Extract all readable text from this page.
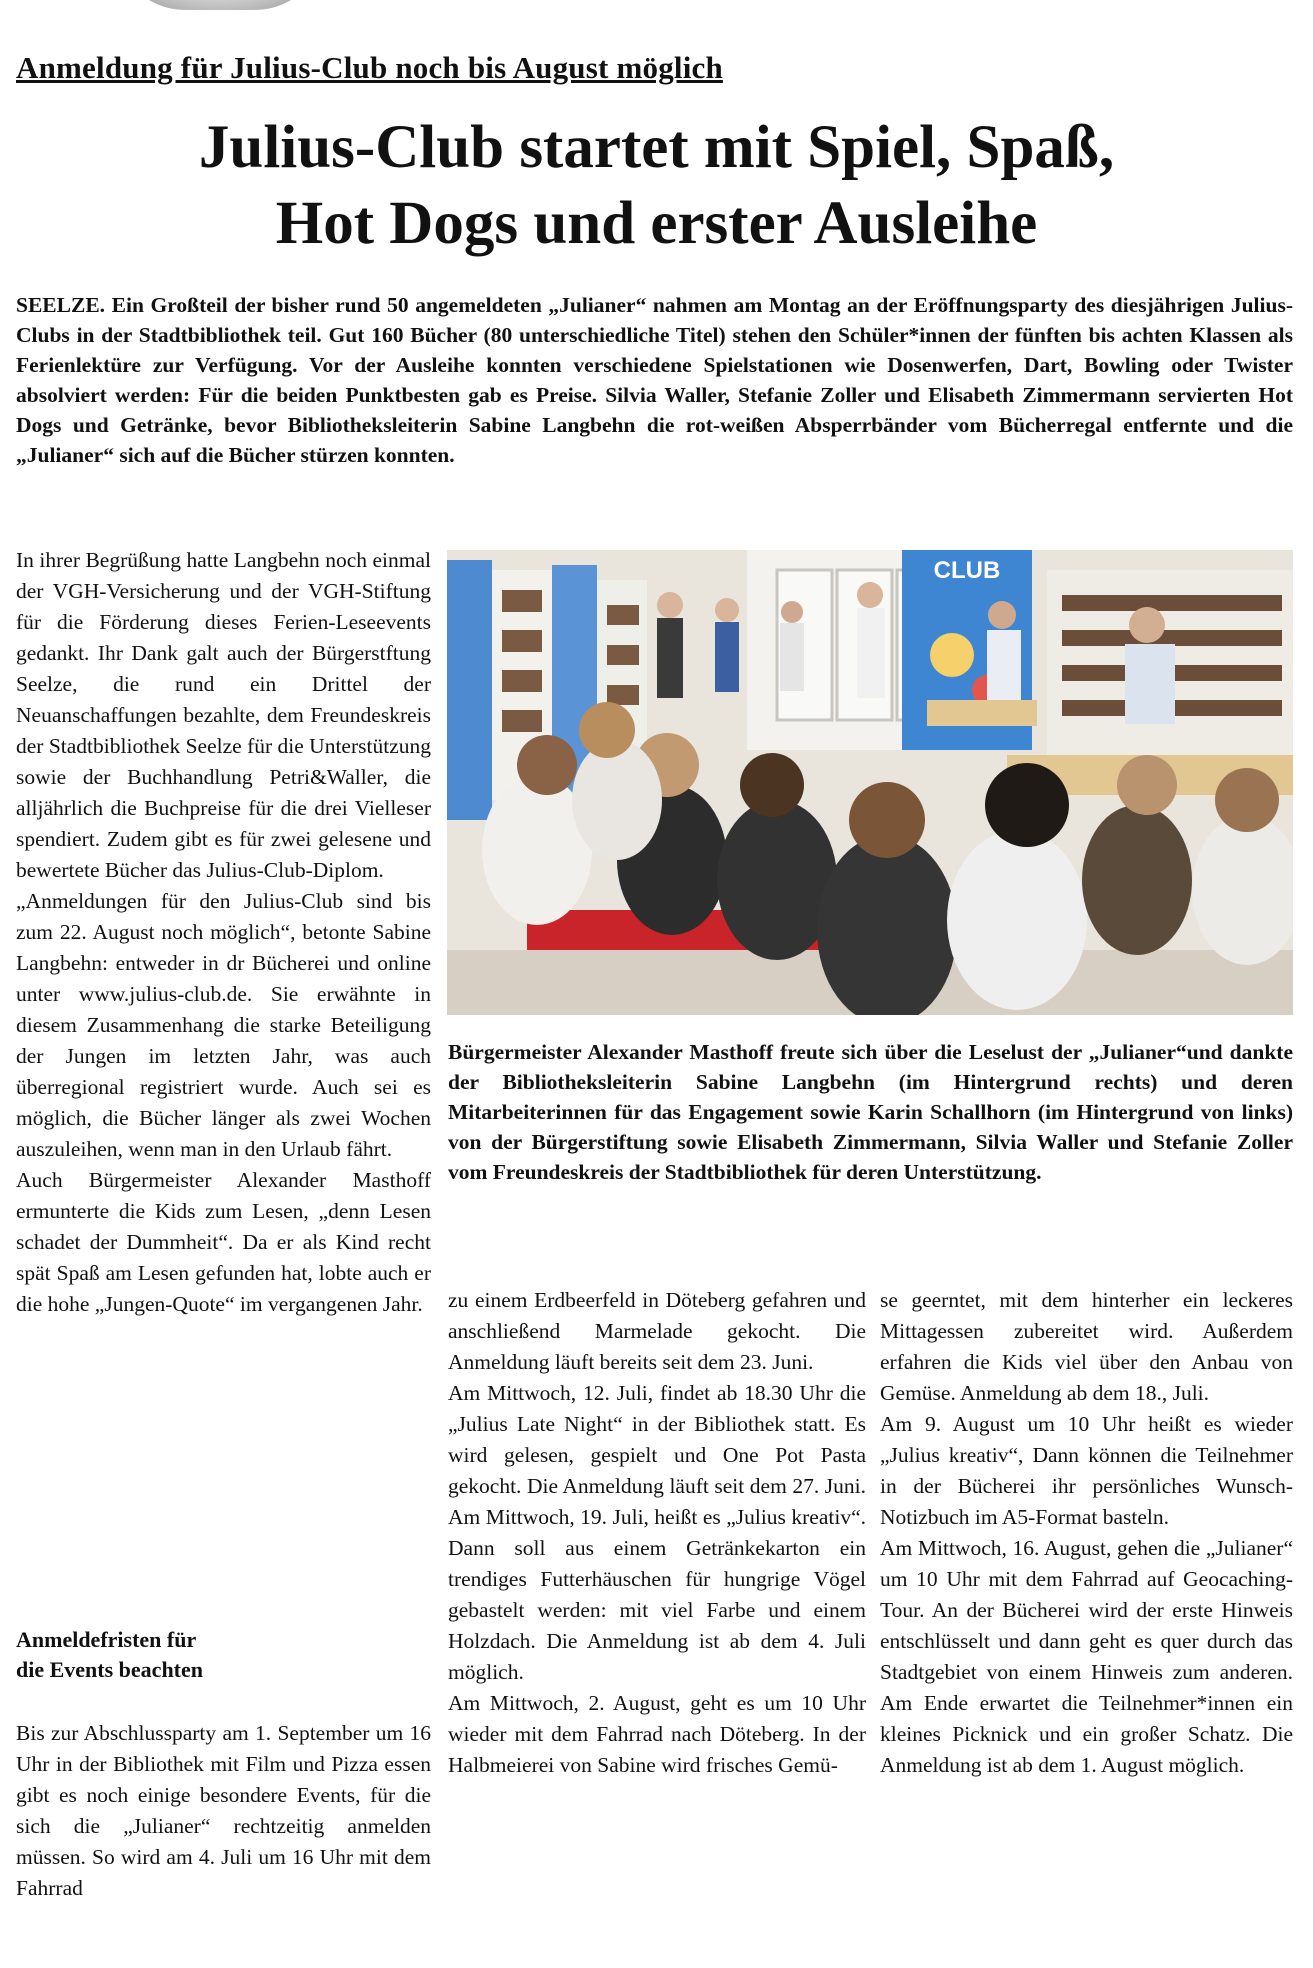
Anmeldung für Julius-Club noch bis August möglich
Julius-Club startet mit Spiel, Spaß,
Hot Dogs und erster Ausleihe

SEELZE. Ein Großteil der bisher rund 50 angemeldeten „Julianer“ nahmen am Montag an der Eröffnungsparty des diesjährigen Julius-Clubs in der Stadtbibliothek teil. Gut 160 Bücher (80 unterschiedliche Titel) stehen den Schüler*innen der fünften bis achten Klassen als Ferienlektüre zur Verfügung. Vor der Ausleihe konnten verschiedene Spielstationen wie Dosenwerfen, Dart, Bowling oder Twister absolviert werden: Für die beiden Punktbesten gab es Preise. Silvia Waller, Stefanie Zoller und Elisabeth Zimmermann servierten Hot Dogs und Getränke, bevor Bibliotheksleiterin Sabine Langbehn die rot-weißen Absperrbänder vom Bücherregal entfernte und die „Julianer“ sich auf die Bücher stürzen konnten.

In ihrer Begrüßung hatte Langbehn noch einmal der VGH-Versicherung und der VGH-Stiftung für die Förderung dieses Ferien-Leseevents gedankt. Ihr Dank galt auch der Bürgerstftung Seelze, die rund ein Drittel der Neuanschaffungen bezahlte, dem Freundeskreis der Stadtbibliothek Seelze für die Unterstützung sowie der Buchhandlung Petri&Waller, die alljährlich die Buchpreise für die drei Vielleser spendiert. Zudem gibt es für zwei gelesene und bewertete Bücher das Julius-Club-Diplom.

„Anmeldungen für den Julius-Club sind bis zum 22. August noch möglich“, betonte Sabine Langbehn: entweder in dr Bücherei und online unter www.julius-club.de. Sie erwähnte in diesem Zusammenhang die starke Beteiligung der Jungen im letzten Jahr, was auch überregional registriert wurde. Auch sei es möglich, die Bücher länger als zwei Wochen auszuleihen, wenn man in den Urlaub fährt.

Auch Bürgermeister Alexander Masthoff ermunterte die Kids zum Lesen, „denn Lesen schadet der Dummheit“. Da er als Kind recht spät Spaß am Lesen gefunden hat, lobte auch er die hohe „Jungen-Quote“ im vergangenen Jahr.

Anmeldefristen für
die Events beachten

Bis zur Abschlussparty am 1. September um 16 Uhr in der Bibliothek mit Film und Pizza essen gibt es noch einige besondere Events, für die sich die „Julianer“ rechtzeitig anmelden müssen. So wird am 4. Juli um 16 Uhr mit dem Fahrrad

CLUB

Bürgermeister Alexander Masthoff freute sich über die Leselust der „Julianer“und dankte der Bibliotheksleiterin Sabine Langbehn (im Hintergrund rechts) und deren Mitarbeiterinnen für das Engagement sowie Karin Schallhorn (im Hintergrund von links) von der Bürgerstiftung sowie Elisabeth Zimmermann, Silvia Waller und Stefanie Zoller vom Freundeskreis der Stadtbibliothek für deren Unterstützung.

zu einem Erdbeerfeld in Döteberg gefahren und anschließend Marmelade gekocht. Die Anmeldung läuft bereits seit dem 23. Juni.

Am Mittwoch, 12. Juli, findet ab 18.30 Uhr die „Julius Late Night“ in der Bibliothek statt. Es wird gelesen, gespielt und One Pot Pasta gekocht. Die Anmeldung läuft seit dem 27. Juni. Am Mittwoch, 19. Juli, heißt es „Julius kreativ“. Dann soll aus einem Getränkekarton ein trendiges Futterhäuschen für hungrige Vögel gebastelt werden: mit viel Farbe und einem Holzdach. Die Anmeldung ist ab dem 4. Juli möglich.

Am Mittwoch, 2. August, geht es um 10 Uhr wieder mit dem Fahrrad nach Döteberg. In der Halbmeierei von Sabine wird frisches Gemü-

se geerntet, mit dem hinterher ein leckeres Mittagessen zubereitet wird. Außerdem erfahren die Kids viel über den Anbau von Gemüse. Anmeldung ab dem 18., Juli.

Am 9. August um 10 Uhr heißt es wieder „Julius kreativ“, Dann können die Teilnehmer in der Bücherei ihr persönliches Wunsch-Notizbuch im A5-Format basteln.

Am Mittwoch, 16. August, gehen die „Julianer“ um 10 Uhr mit dem Fahrrad auf Geocaching-Tour. An der Bücherei wird der erste Hinweis entschlüsselt und dann geht es quer durch das Stadtgebiet von einem Hinweis zum anderen. Am Ende erwartet die Teilnehmer*innen ein kleines Picknick und ein großer Schatz. Die Anmeldung ist ab dem 1. August möglich.
